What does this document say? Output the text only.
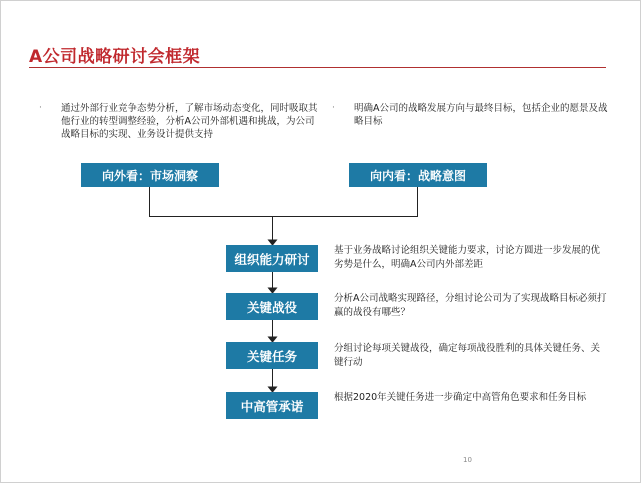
A公司战略研讨会框架
· 通过外部行业竞争态势分析，了解市场动态变化，同时吸取其他行业的转型调整经验，分析A公司外部机遇和挑战，为公司战略目标的实现、业务设计提供支持
· 明确A公司的战略发展方向与最终目标，包括企业的愿景及战略目标
向外看：市场洞察	向内看：战略意图
组织能力研讨
基于业务战略讨论组织关键能力要求，讨论方圆进一步发展的优劣势是什么，明确A公司内外部差距
关键战役
分析A公司战略实现路径，分组讨论公司为了实现战略目标必须打赢的战役有哪些？
关键任务	分组讨论每项关键战役，确定每项战役胜利的具体关键任务、关键行动
中高管承诺
根据2020年关键任务进一步确定中高管角色要求和任务目标
10
